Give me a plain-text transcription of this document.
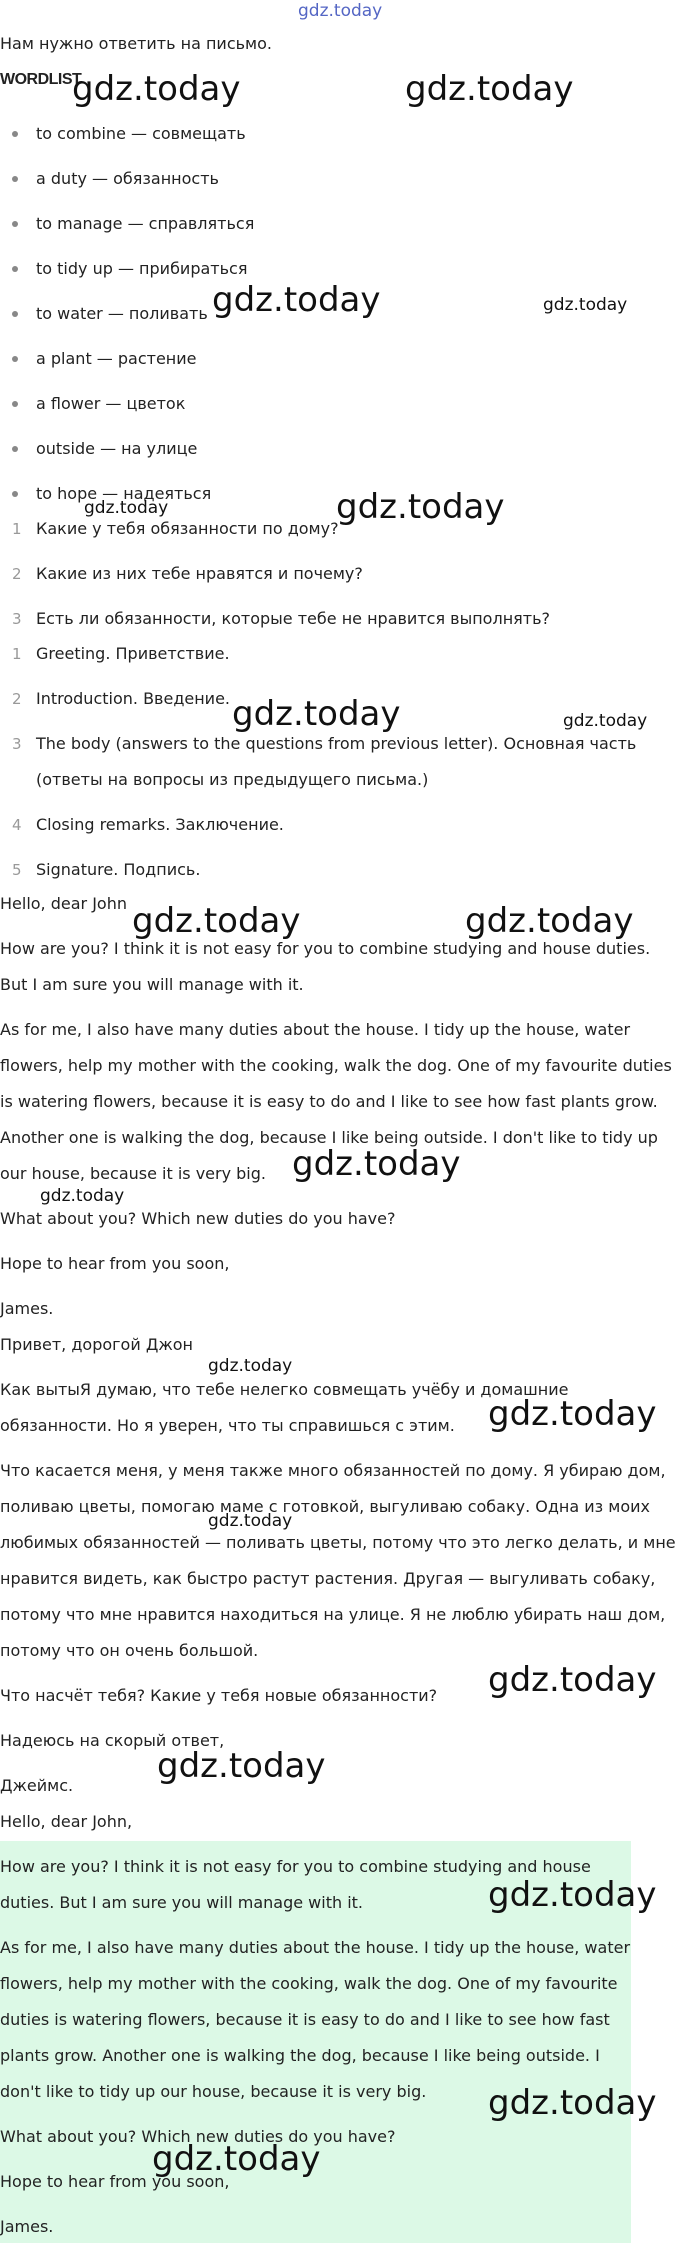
gdz.today
Нам нужно ответить на письмо.
WORDLIST
to combine — совмещать
a duty — обязанность
to manage — справляться
to tidy up — прибираться
to water — поливать
a plant — растение
a flower — цветок
outside — на улице
to hope — надеяться
1 Какие у тебя обязанности по дому?
2 Какие из них тебе нравятся и почему?
3 Есть ли обязанности, которые тебе не нравится выполнять?
1 Greeting. Приветствие.
2 Introduction. Введение.
3 The body (answers to the questions from previous letter). Основная часть
(ответы на вопросы из предыдущего письма.)
4 Closing remarks. Заключение.
5 Signature. Подпись.
Hello, dear John
How are you? I think it is not easy for you to combine studying and house duties.
But I am sure you will manage with it.
As for me, I also have many duties about the house. I tidy up the house, water
flowers, help my mother with the cooking, walk the dog. One of my favourite duties
is watering flowers, because it is easy to do and I like to see how fast plants grow.
Another one is walking the dog, because I like being outside. I don't like to tidy up
our house, because it is very big.
What about you? Which new duties do you have?
Hope to hear from you soon,
James.
Привет, дорогой Джон
Как вытыЯ думаю, что тебе нелегко совмещать учёбу и домашние
обязанности. Но я уверен, что ты справишься с этим.
Что касается меня, у меня также много обязанностей по дому. Я убираю дом,
поливаю цветы, помогаю маме с готовкой, выгуливаю собаку. Одна из моих
любимых обязанностей — поливать цветы, потому что это легко делать, и мне
нравится видеть, как быстро растут растения. Другая — выгуливать собаку,
потому что мне нравится находиться на улице. Я не люблю убирать наш дом,
потому что он очень большой.
Что насчёт тебя? Какие у тебя новые обязанности?
Надеюсь на скорый ответ,
Джеймс.
Hello, dear John,
How are you? I think it is not easy for you to combine studying and house
duties. But I am sure you will manage with it.
As for me, I also have many duties about the house. I tidy up the house, water
flowers, help my mother with the cooking, walk the dog. One of my favourite
duties is watering flowers, because it is easy to do and I like to see how fast
plants grow. Another one is walking the dog, because I like being outside. I
don't like to tidy up our house, because it is very big.
What about you? Which new duties do you have?
Hope to hear from you soon,
James.
gdz.today	gdz.today
gdz.today	gdz.today
gdz.today	gdz.today
gdz.today	gdz.today
gdz.today	gdz.today
gdz.today
gdz.today
gdz.today
gdz.today
gdz.today
gdz.today
gdz.today
gdz.today
gdz.today
gdz.today
